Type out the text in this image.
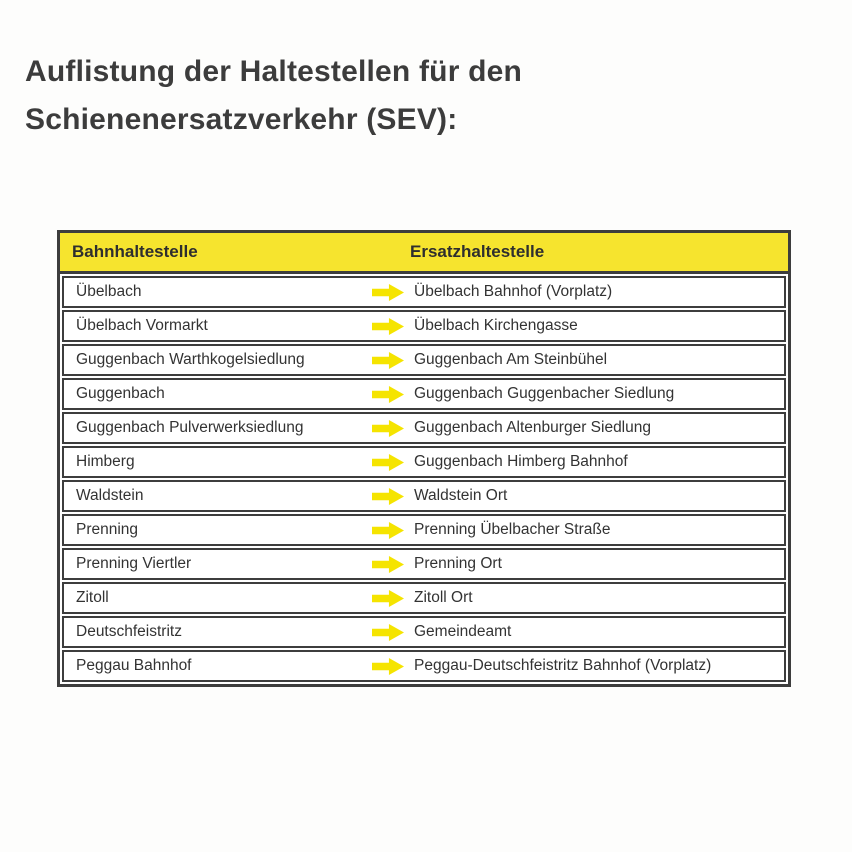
Auflistung der Haltestellen für den Schienenersatzverkehr (SEV):
Bahnhaltestelle	Ersatzhaltestelle
Übelbach	Übelbach Bahnhof (Vorplatz)
Übelbach Vormarkt	Übelbach Kirchengasse
Guggenbach Warthkogelsiedlung	Guggenbach Am Steinbühel
Guggenbach	Guggenbach Guggenbacher Siedlung
Guggenbach Pulverwerksiedlung	Guggenbach Altenburger Siedlung
Himberg	Guggenbach Himberg Bahnhof
Waldstein	Waldstein Ort
Prenning	Prenning Übelbacher Straße
Prenning Viertler	Prenning Ort
Zitoll	Zitoll Ort
Deutschfeistritz	Gemeindeamt
Peggau Bahnhof	Peggau-Deutschfeistritz Bahnhof (Vorplatz)
